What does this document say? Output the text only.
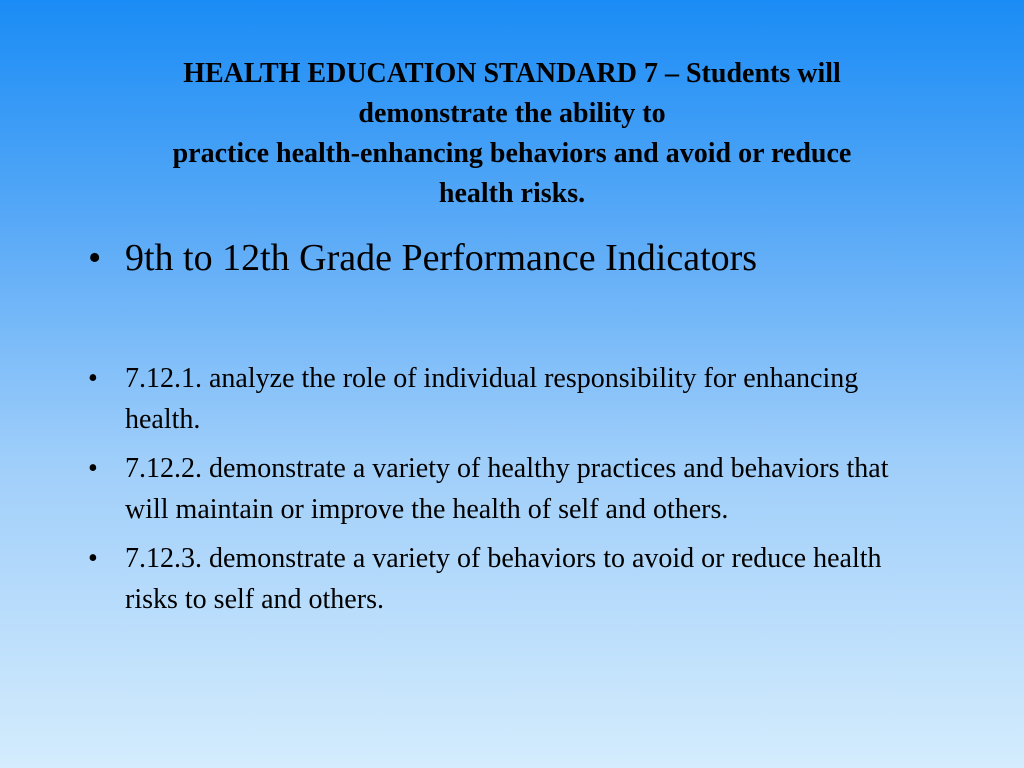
HEALTH EDUCATION STANDARD 7 – Students will
demonstrate the ability to
practice health-enhancing behaviors and avoid or reduce
health risks.
• 9th to 12th Grade Performance Indicators
• 7.12.1. analyze the role of individual responsibility for enhancing health.
• 7.12.2. demonstrate a variety of healthy practices and behaviors that will maintain or improve the health of self and others.
• 7.12.3. demonstrate a variety of behaviors to avoid or reduce health risks to self and others.
